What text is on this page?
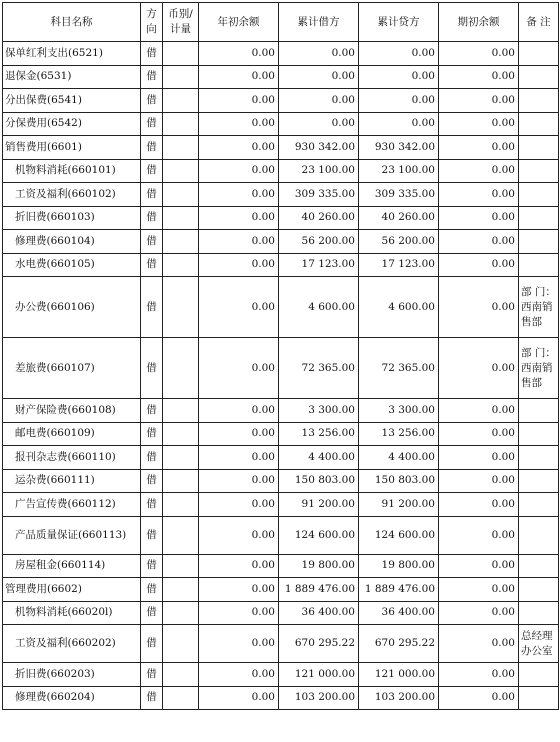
科目名称	方向	币别/计量	年初余额	累计借方	累计贷方	期初余额	备 注
保单红利支出(6521)	借		0.00	0.00	0.00	0.00	
退保金(6531)	借		0.00	0.00	0.00	0.00	
分出保费(6541)	借		0.00	0.00	0.00	0.00	
分保费用(6542)	借		0.00	0.00	0.00	0.00	
销售费用(6601)	借		0.00	930 342.00	930 342.00	0.00	
机物料消耗(660101)	借		0.00	23 100.00	23 100.00	0.00	
工资及福利(660102)	借		0.00	309 335.00	309 335.00	0.00	
折旧费(660103)	借		0.00	40 260.00	40 260.00	0.00	
修理费(660104)	借		0.00	56 200.00	56 200.00	0.00	
水电费(660105)	借		0.00	17 123.00	17 123.00	0.00	
办公费(660106)	借		0.00	4 600.00	4 600.00	0.00	部 门：西南销售部
差旅费(660107)	借		0.00	72 365.00	72 365.00	0.00	部 门：西南销售部
财产保险费(660108)	借		0.00	3 300.00	3 300.00	0.00	
邮电费(660109)	借		0.00	13 256.00	13 256.00	0.00	
报刊杂志费(660110)	借		0.00	4 400.00	4 400.00	0.00	
运杂费(660111)	借		0.00	150 803.00	150 803.00	0.00	
广告宣传费(660112)	借		0.00	91 200.00	91 200.00	0.00	
产品质量保证(660113)	借		0.00	124 600.00	124 600.00	0.00	
房屋租金(660114)	借		0.00	19 800.00	19 800.00	0.00	
管理费用(6602)	借		0.00	1 889 476.00	1 889 476.00	0.00	
机物料消耗(66020l)	借		0.00	36 400.00	36 400.00	0.00	
工资及福利(660202)	借		0.00	670 295.22	670 295.22	0.00	总经理办公室
折旧费(660203)	借		0.00	121 000.00	121 000.00	0.00	
修理费(660204)	借		0.00	103 200.00	103 200.00	0.00	
